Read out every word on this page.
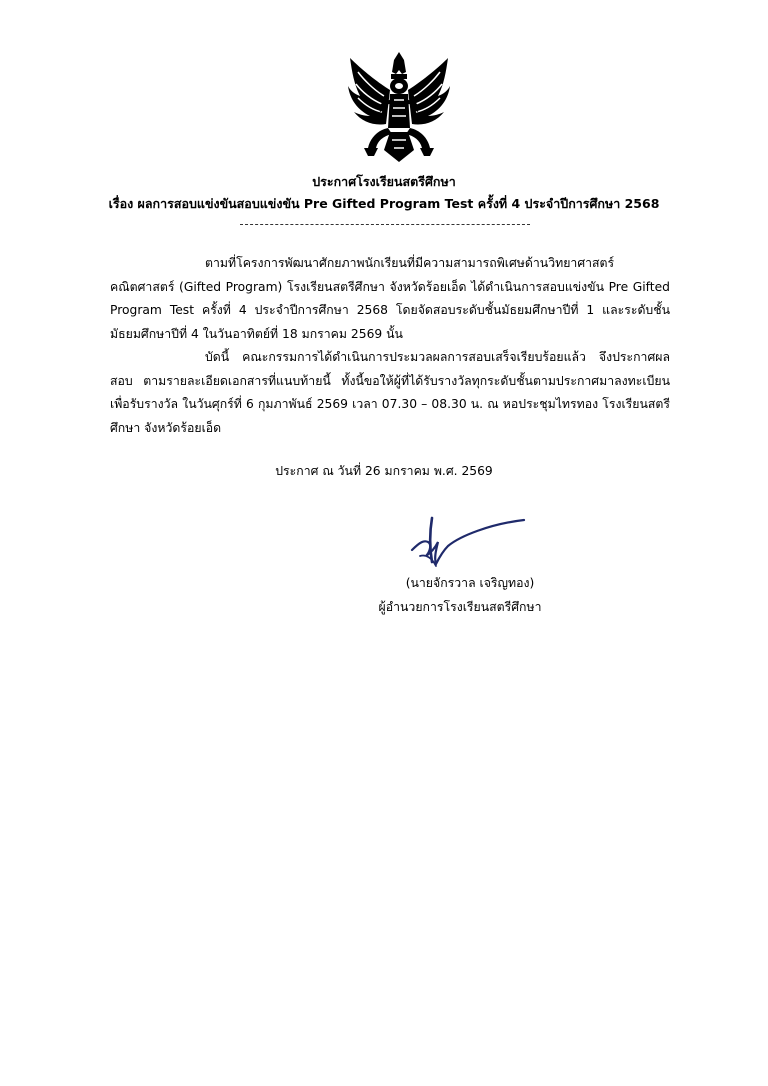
ประกาศโรงเรียนสตรีศึกษา
เรื่อง ผลการสอบแข่งขันสอบแข่งขัน Pre Gifted Program Test ครั้งที่ 4 ประจำปีการศึกษา 2568

ตามที่โครงการพัฒนาศักยภาพนักเรียนที่มีความสามารถพิเศษด้านวิทยาศาสตร์ คณิตศาสตร์ (Gifted Program) โรงเรียนสตรีศึกษา จังหวัดร้อยเอ็ด ได้ดำเนินการสอบแข่งขัน Pre Gifted Program Test ครั้งที่ 4 ประจำปีการศึกษา 2568 โดยจัดสอบระดับชั้นมัธยมศึกษาปีที่ 1 และระดับชั้นมัธยมศึกษาปีที่ 4 ในวันอาทิตย์ที่ 18 มกราคม 2569 นั้น

บัดนี้ คณะกรรมการได้ดำเนินการประมวลผลการสอบเสร็จเรียบร้อยแล้ว จึงประกาศผลสอบ ตามรายละเอียดเอกสารที่แนบท้ายนี้ ทั้งนี้ขอให้ผู้ที่ได้รับรางวัลทุกระดับชั้นตามประกาศมาลงทะเบียนเพื่อรับรางวัล ในวันศุกร์ที่ 6 กุมภาพันธ์ 2569 เวลา 07.30 – 08.30 น. ณ หอประชุมไทรทอง โรงเรียนสตรีศึกษา จังหวัดร้อยเอ็ด

ประกาศ ณ วันที่ 26 มกราคม พ.ศ. 2569
(นายจักรวาล เจริญทอง)
ผู้อำนวยการโรงเรียนสตรีศึกษา
